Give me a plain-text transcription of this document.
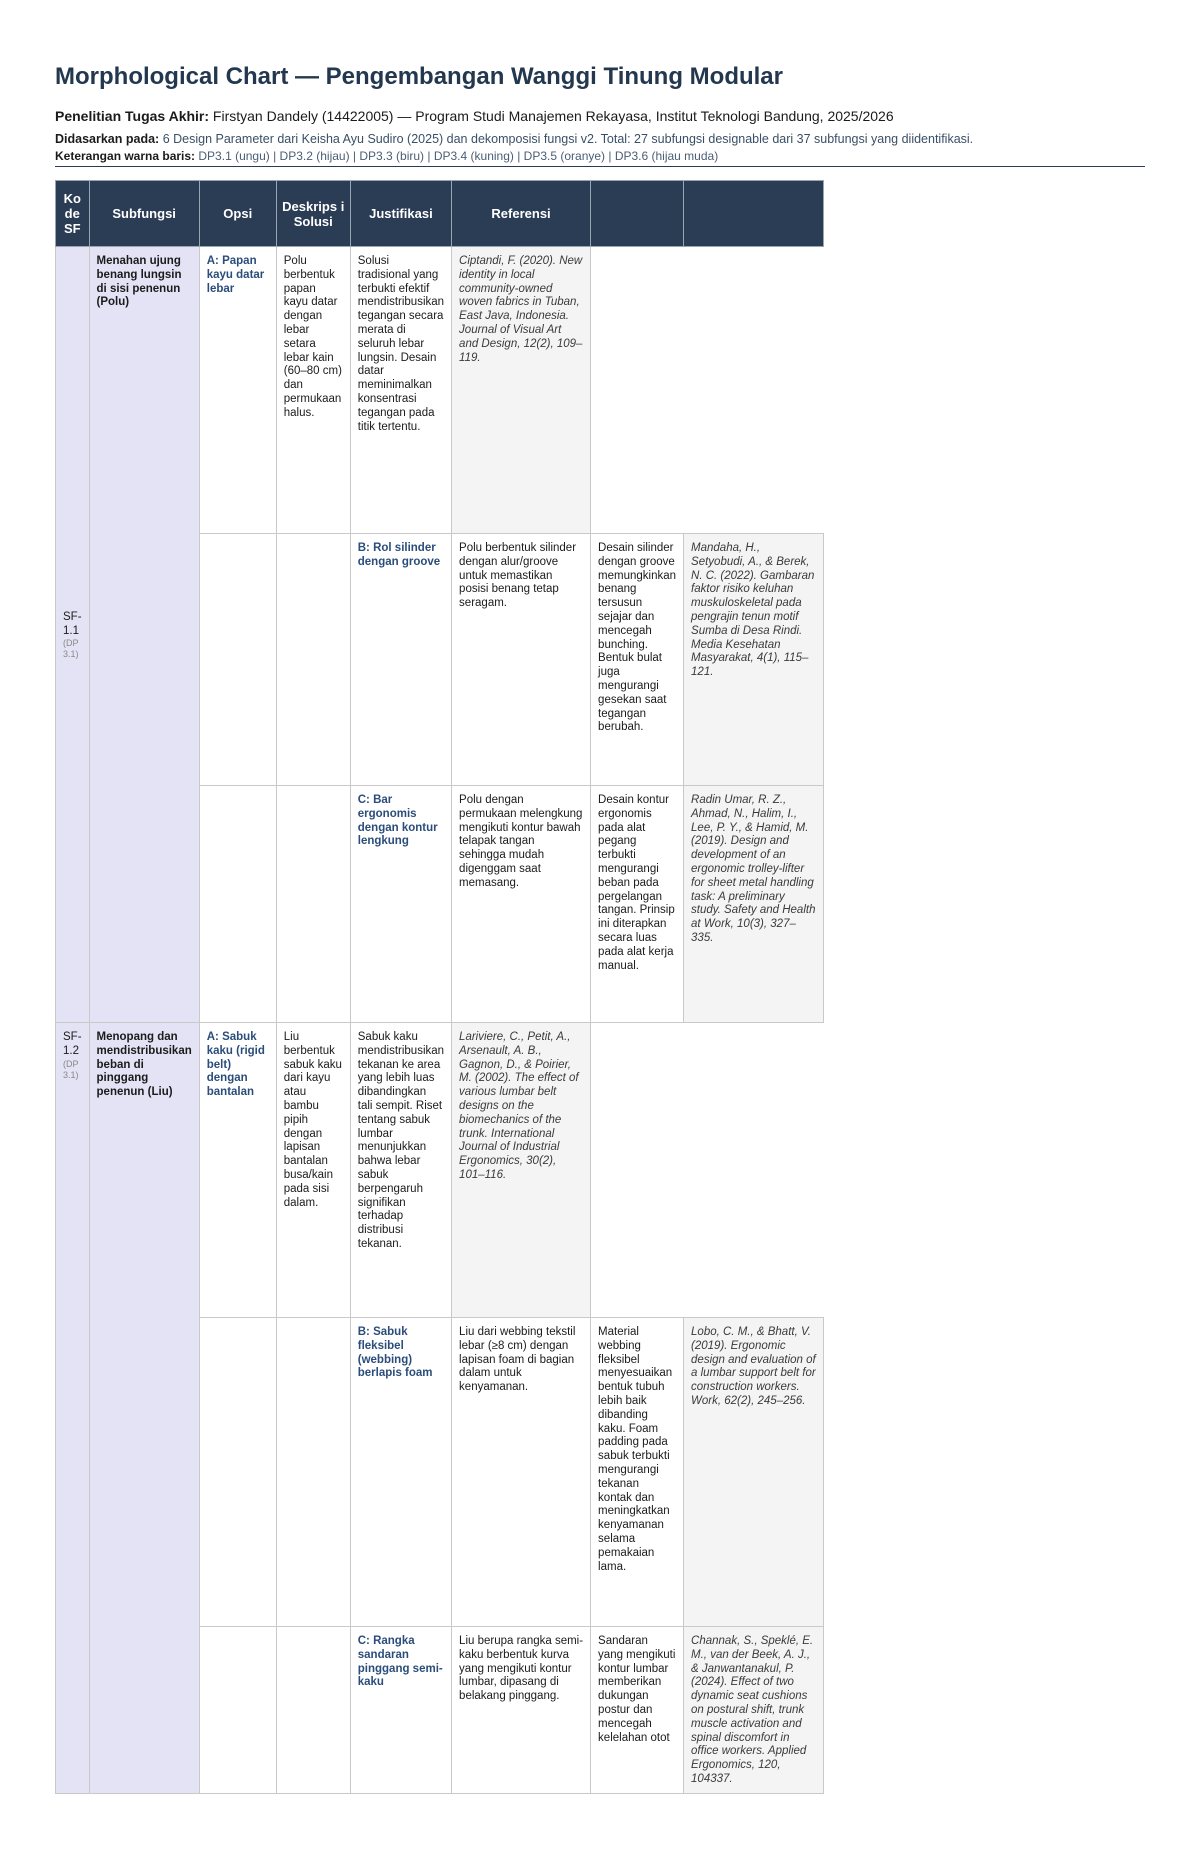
Morphological Chart — Pengembangan Wanggi Tinung Modular
Penelitian Tugas Akhir: Firstyan Dandely (14422005) — Program Studi Manajemen Rekayasa, Institut Teknologi Bandung, 2025/2026
Didasarkan pada: 6 Design Parameter dari Keisha Ayu Sudiro (2025) dan dekomposisi fungsi v2. Total: 27 subfungsi designable dari 37 subfungsi yang diidentifikasi.
Keterangan warna baris: DP3.1 (ungu) | DP3.2 (hijau) | DP3.3 (biru) | DP3.4 (kuning) | DP3.5 (oranye) | DP3.6 (hijau muda)
Ko de SF	Subfungsi	Opsi	Deskrips i Solusi	Justifikasi	Referensi		
SF-1.1
(DP 3.1)	Menahan ujung benang lungsin di sisi penenun (Polu)	A: Papan kayu datar lebar	Polu berbentuk papan kayu datar dengan lebar setara lebar kain (60–80 cm) dan permukaan halus.	Solusi tradisional yang terbukti efektif mendistribusikan tegangan secara merata di seluruh lebar lungsin. Desain datar meminimalkan konsentrasi tegangan pada titik tertentu.	Ciptandi, F. (2020). New identity in local community-owned woven fabrics in Tuban, East Java, Indonesia. Journal of Visual Art and Design, 12(2), 109–119.		
				B: Rol silinder dengan groove	Polu berbentuk silinder dengan alur/groove untuk memastikan posisi benang tetap seragam.	Desain silinder dengan groove memungkinkan benang tersusun sejajar dan mencegah bunching. Bentuk bulat juga mengurangi gesekan saat tegangan berubah.	Mandaha, H., Setyobudi, A., & Berek, N. C. (2022). Gambaran faktor risiko keluhan muskuloskeletal pada pengrajin tenun motif Sumba di Desa Rindi. Media Kesehatan Masyarakat, 4(1), 115–121.
				C: Bar ergonomis dengan kontur lengkung	Polu dengan permukaan melengkung mengikuti kontur bawah telapak tangan sehingga mudah digenggam saat memasang.	Desain kontur ergonomis pada alat pegang terbukti mengurangi beban pada pergelangan tangan. Prinsip ini diterapkan secara luas pada alat kerja manual.	Radin Umar, R. Z., Ahmad, N., Halim, I., Lee, P. Y., & Hamid, M. (2019). Design and development of an ergonomic trolley-lifter for sheet metal handling task: A preliminary study. Safety and Health at Work, 10(3), 327–335.
SF-1.2
(DP 3.1)	Menopang dan mendistribusikan beban di pinggang penenun (Liu)	A: Sabuk kaku (rigid belt) dengan bantalan	Liu berbentuk sabuk kaku dari kayu atau bambu pipih dengan lapisan bantalan busa/kain pada sisi dalam.	Sabuk kaku mendistribusikan tekanan ke area yang lebih luas dibandingkan tali sempit. Riset tentang sabuk lumbar menunjukkan bahwa lebar sabuk berpengaruh signifikan terhadap distribusi tekanan.	Lariviere, C., Petit, A., Arsenault, A. B., Gagnon, D., & Poirier, M. (2002). The effect of various lumbar belt designs on the biomechanics of the trunk. International Journal of Industrial Ergonomics, 30(2), 101–116.		
				B: Sabuk fleksibel (webbing) berlapis foam	Liu dari webbing tekstil lebar (≥8 cm) dengan lapisan foam di bagian dalam untuk kenyamanan.	Material webbing fleksibel menyesuaikan bentuk tubuh lebih baik dibanding kaku. Foam padding pada sabuk terbukti mengurangi tekanan kontak dan meningkatkan kenyamanan selama pemakaian lama.	Lobo, C. M., & Bhatt, V. (2019). Ergonomic design and evaluation of a lumbar support belt for construction workers. Work, 62(2), 245–256.
				C: Rangka sandaran pinggang semi-kaku	Liu berupa rangka semi-kaku berbentuk kurva yang mengikuti kontur lumbar, dipasang di belakang pinggang.	Sandaran yang mengikuti kontur lumbar memberikan dukungan postur dan mencegah kelelahan otot	Channak, S., Speklé, E. M., van der Beek, A. J., & Janwantanakul, P. (2024). Effect of two dynamic seat cushions on postural shift, trunk muscle activation and spinal discomfort in office workers. Applied Ergonomics, 120, 104337.
